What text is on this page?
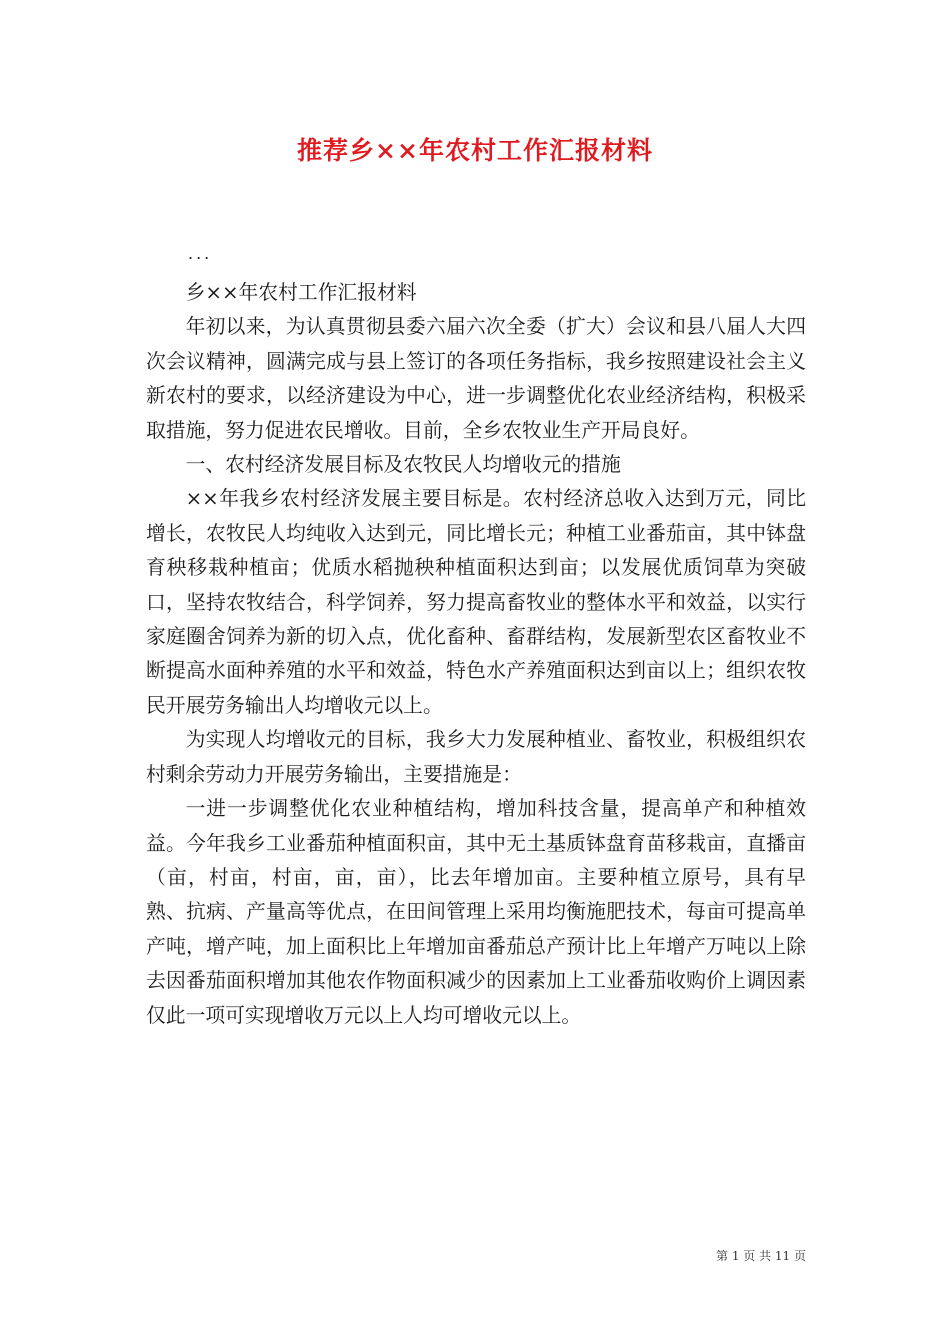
推荐乡××年农村工作汇报材料
...

乡××年农村工作汇报材料

年初以来，为认真贯彻县委六届六次全委（扩大）会议和县八届人大四次会议精神，圆满完成与县上签订的各项任务指标，我乡按照建设社会主义新农村的要求，以经济建设为中心，进一步调整优化农业经济结构，积极采取措施，努力促进农民增收。目前，全乡农牧业生产开局良好。

一、农村经济发展目标及农牧民人均增收元的措施

××年我乡农村经济发展主要目标是。农村经济总收入达到万元，同比增长，农牧民人均纯收入达到元，同比增长元；种植工业番茄亩，其中钵盘育秧移栽种植亩；优质水稻抛秧种植面积达到亩；以发展优质饲草为突破口，坚持农牧结合，科学饲养，努力提高畜牧业的整体水平和效益，以实行家庭圈舍饲养为新的切入点，优化畜种、畜群结构，发展新型农区畜牧业不断提高水面种养殖的水平和效益，特色水产养殖面积达到亩以上；组织农牧民开展劳务输出人均增收元以上。

为实现人均增收元的目标，我乡大力发展种植业、畜牧业，积极组织农村剩余劳动力开展劳务输出，主要措施是：

一进一步调整优化农业种植结构，增加科技含量，提高单产和种植效益。今年我乡工业番茄种植面积亩，其中无土基质钵盘育苗移栽亩，直播亩（亩，村亩，村亩，亩，亩），比去年增加亩。主要种植立原号，具有早熟、抗病、产量高等优点，在田间管理上采用均衡施肥技术，每亩可提高单产吨，增产吨，加上面积比上年增加亩番茄总产预计比上年增产万吨以上除去因番茄面积增加其他农作物面积减少的因素加上工业番茄收购价上调因素仅此一项可实现增收万元以上人均可增收元以上。

第 1 页 共 11 页
